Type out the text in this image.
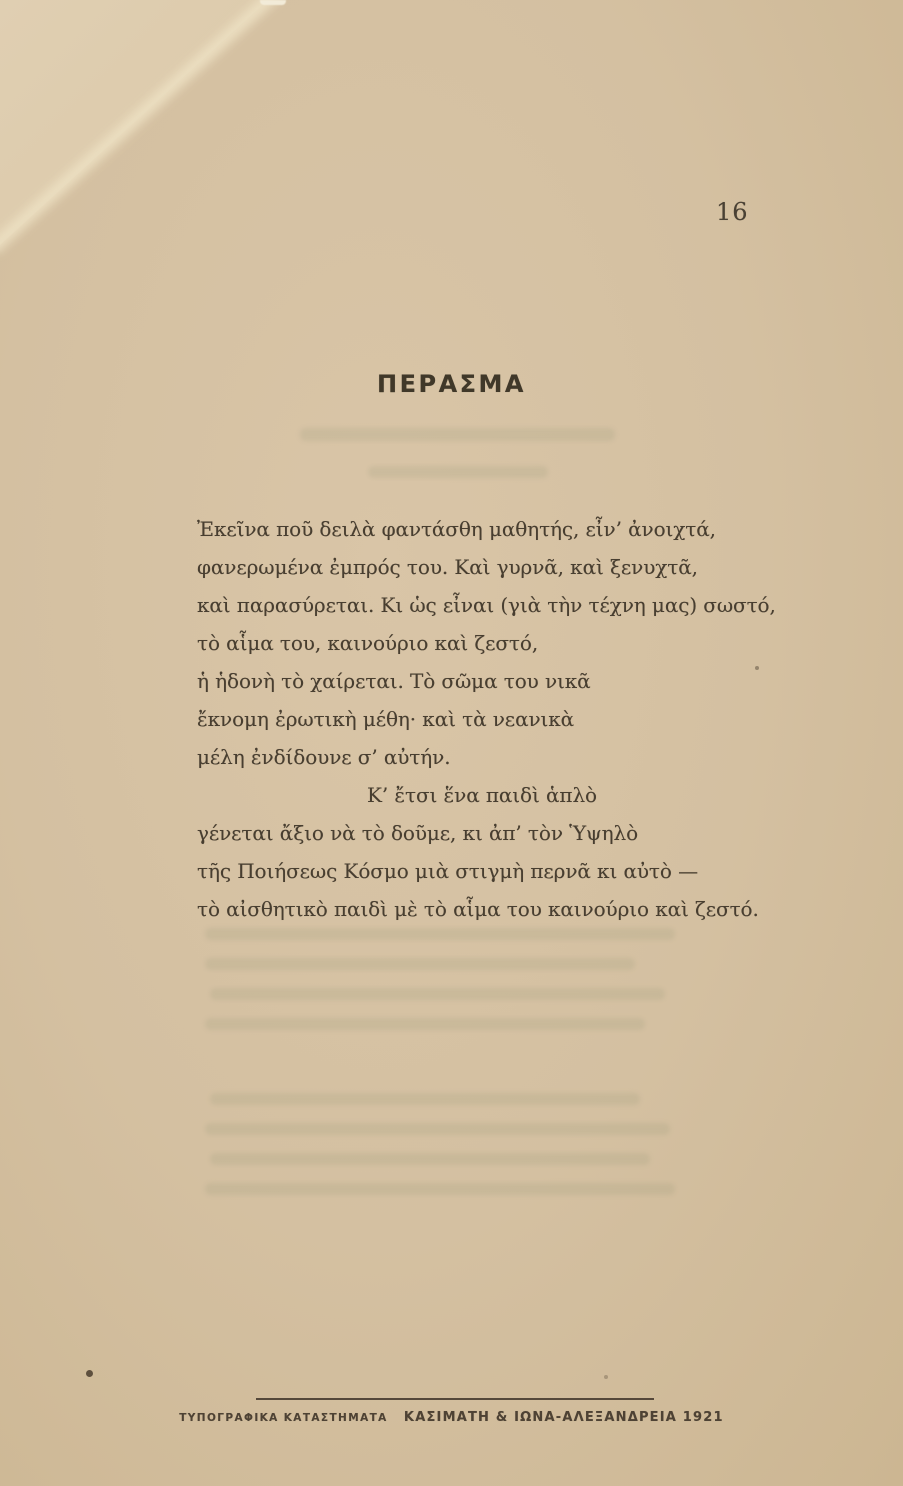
16
ΠΕΡΑΣΜΑ
Ἐκεῖνα ποῦ δειλὰ φαντάσθη μαθητής, εἶν’ ἀνοιχτά,
φανερωμένα ἐμπρός του. Καὶ γυρνᾶ, καὶ ξενυχτᾶ,
καὶ παρασύρεται. Κι ὡς εἶναι (γιὰ τὴν τέχνη μας) σωστό,
τὸ αἷμα του, καινούριο καὶ ζεστό,
ἡ ἡδονὴ τὸ χαίρεται. Τὸ σῶμα του νικᾶ
ἔκνομη ἐρωτικὴ μέθη· καὶ τὰ νεανικὰ
μέλη ἐνδίδουνε σ’ αὐτήν.
Κ’ ἔτσι ἕνα παιδὶ ἁπλὸ
γένεται ἄξιο νὰ τὸ δοῦμε, κι ἀπ’ τὸν Ὑψηλὸ
τῆς Ποιήσεως Κόσμο μιὰ στιγμὴ περνᾶ κι αὐτὸ —
τὸ αἰσθητικὸ παιδὶ μὲ τὸ αἷμα του καινούριο καὶ ζεστό.
ΤΥΠΟΓΡΑΦΙΚΑ ΚΑΤΑΣΤΗΜΑΤΑ ΚΑΣΙΜΑΤΗ & ΙΩΝΑ-ΑΛΕΞΑΝΔΡΕΙΑ 1921
